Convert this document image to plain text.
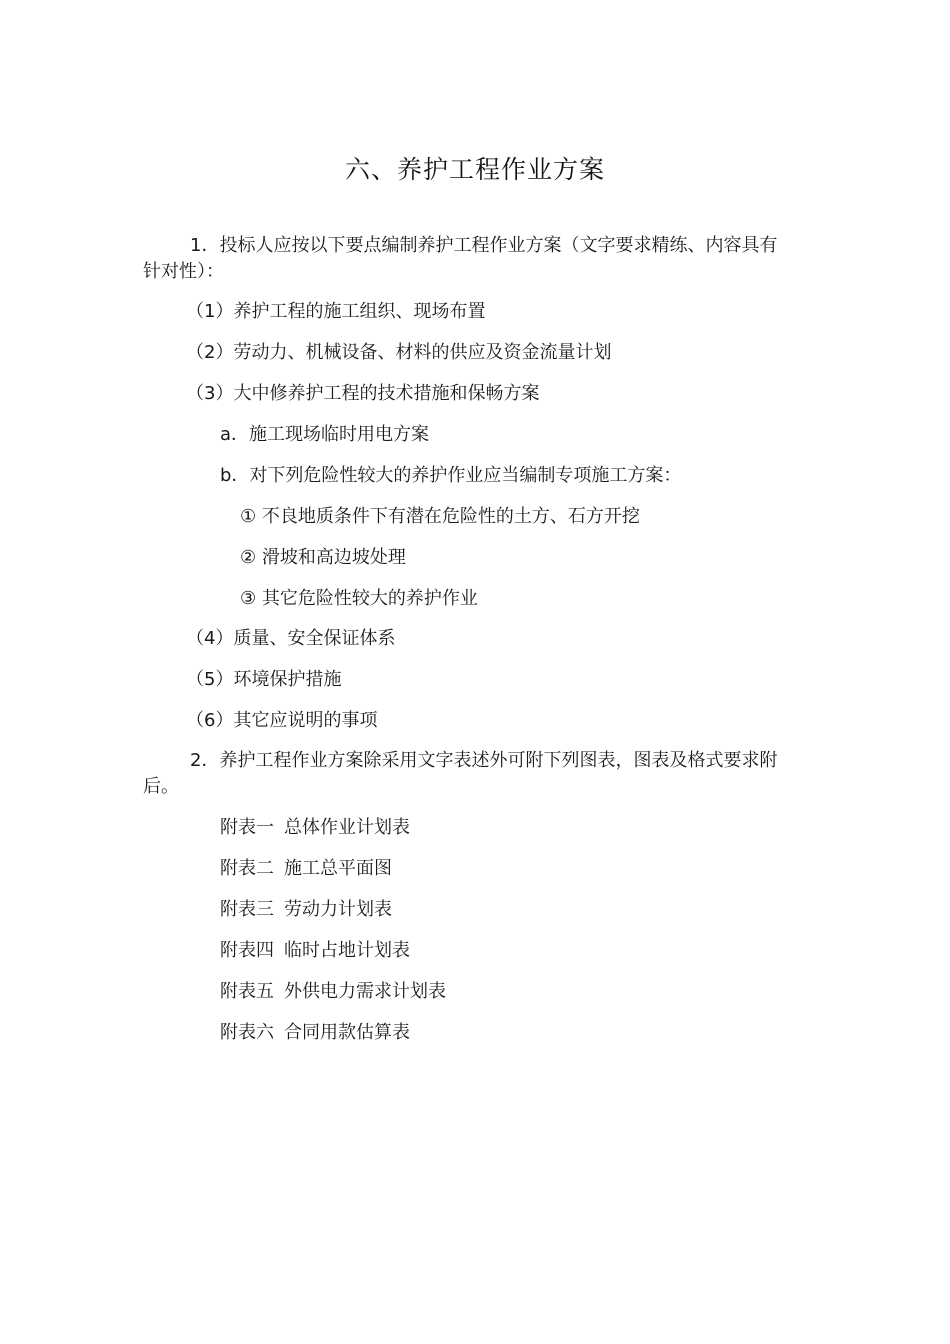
六、养护工程作业方案
1．投标人应按以下要点编制养护工程作业方案（文字要求精练、内容具有
针对性）：
（1）养护工程的施工组织、现场布置
（2）劳动力、机械设备、材料的供应及资金流量计划
（3）大中修养护工程的技术措施和保畅方案
a．施工现场临时用电方案
b．对下列危险性较大的养护作业应当编制专项施工方案：
① 不良地质条件下有潜在危险性的土方、石方开挖
② 滑坡和高边坡处理
③ 其它危险性较大的养护作业
（4）质量、安全保证体系
（5）环境保护措施
（6）其它应说明的事项
2．养护工程作业方案除采用文字表述外可附下列图表，图表及格式要求附
后。
附表一 总体作业计划表
附表二 施工总平面图
附表三 劳动力计划表
附表四 临时占地计划表
附表五 外供电力需求计划表
附表六 合同用款估算表
